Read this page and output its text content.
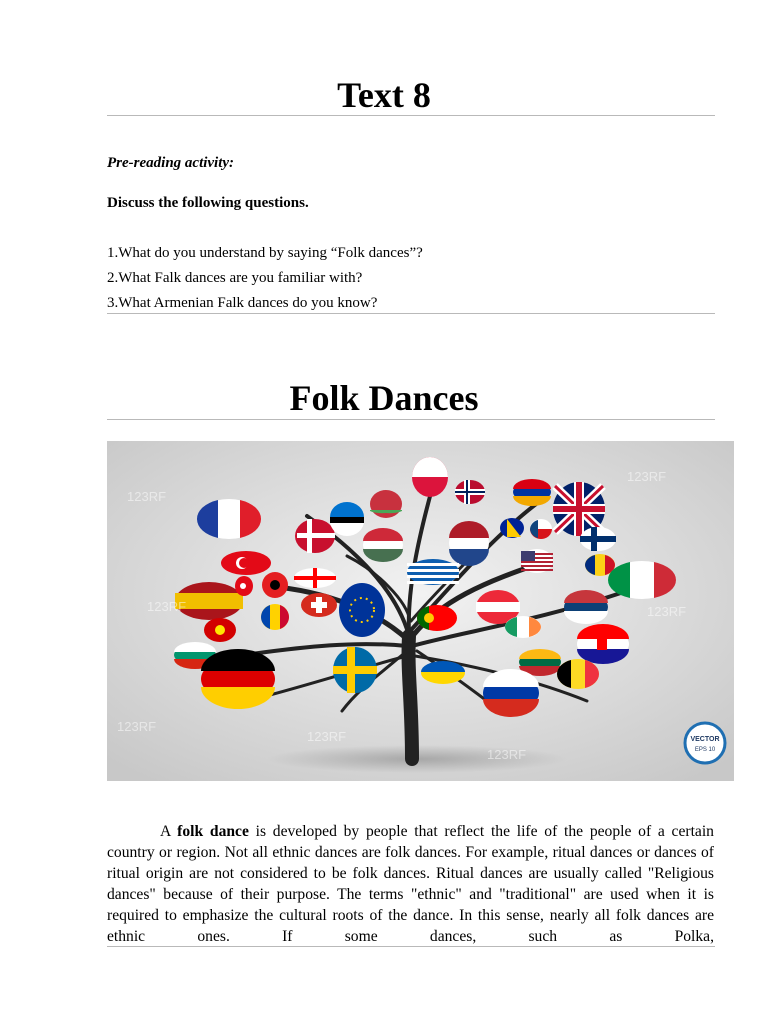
Text 8
Pre-reading activity:
Discuss the following questions.
1.What do you understand by saying “Folk dances”?
2.What Falk dances are you familiar with?
3.What Armenian Falk dances do you know?
Folk Dances
123RF
123RF
123RF	123RF
123RF
123RF
123RF
VECTOR
EPS 10
A folk dance is developed by people that reflect the life of the people of a certain country or region. Not all ethnic dances are folk dances. For example, ritual dances or dances of ritual origin are not considered to be folk dances. Ritual dances are usually called "Religious dances" because of their purpose. The terms "ethnic" and "traditional" are used when it is required to emphasize the cultural roots of the dance. In this sense, nearly all folk dances are ethnic ones. If some dances, such as Polka,
